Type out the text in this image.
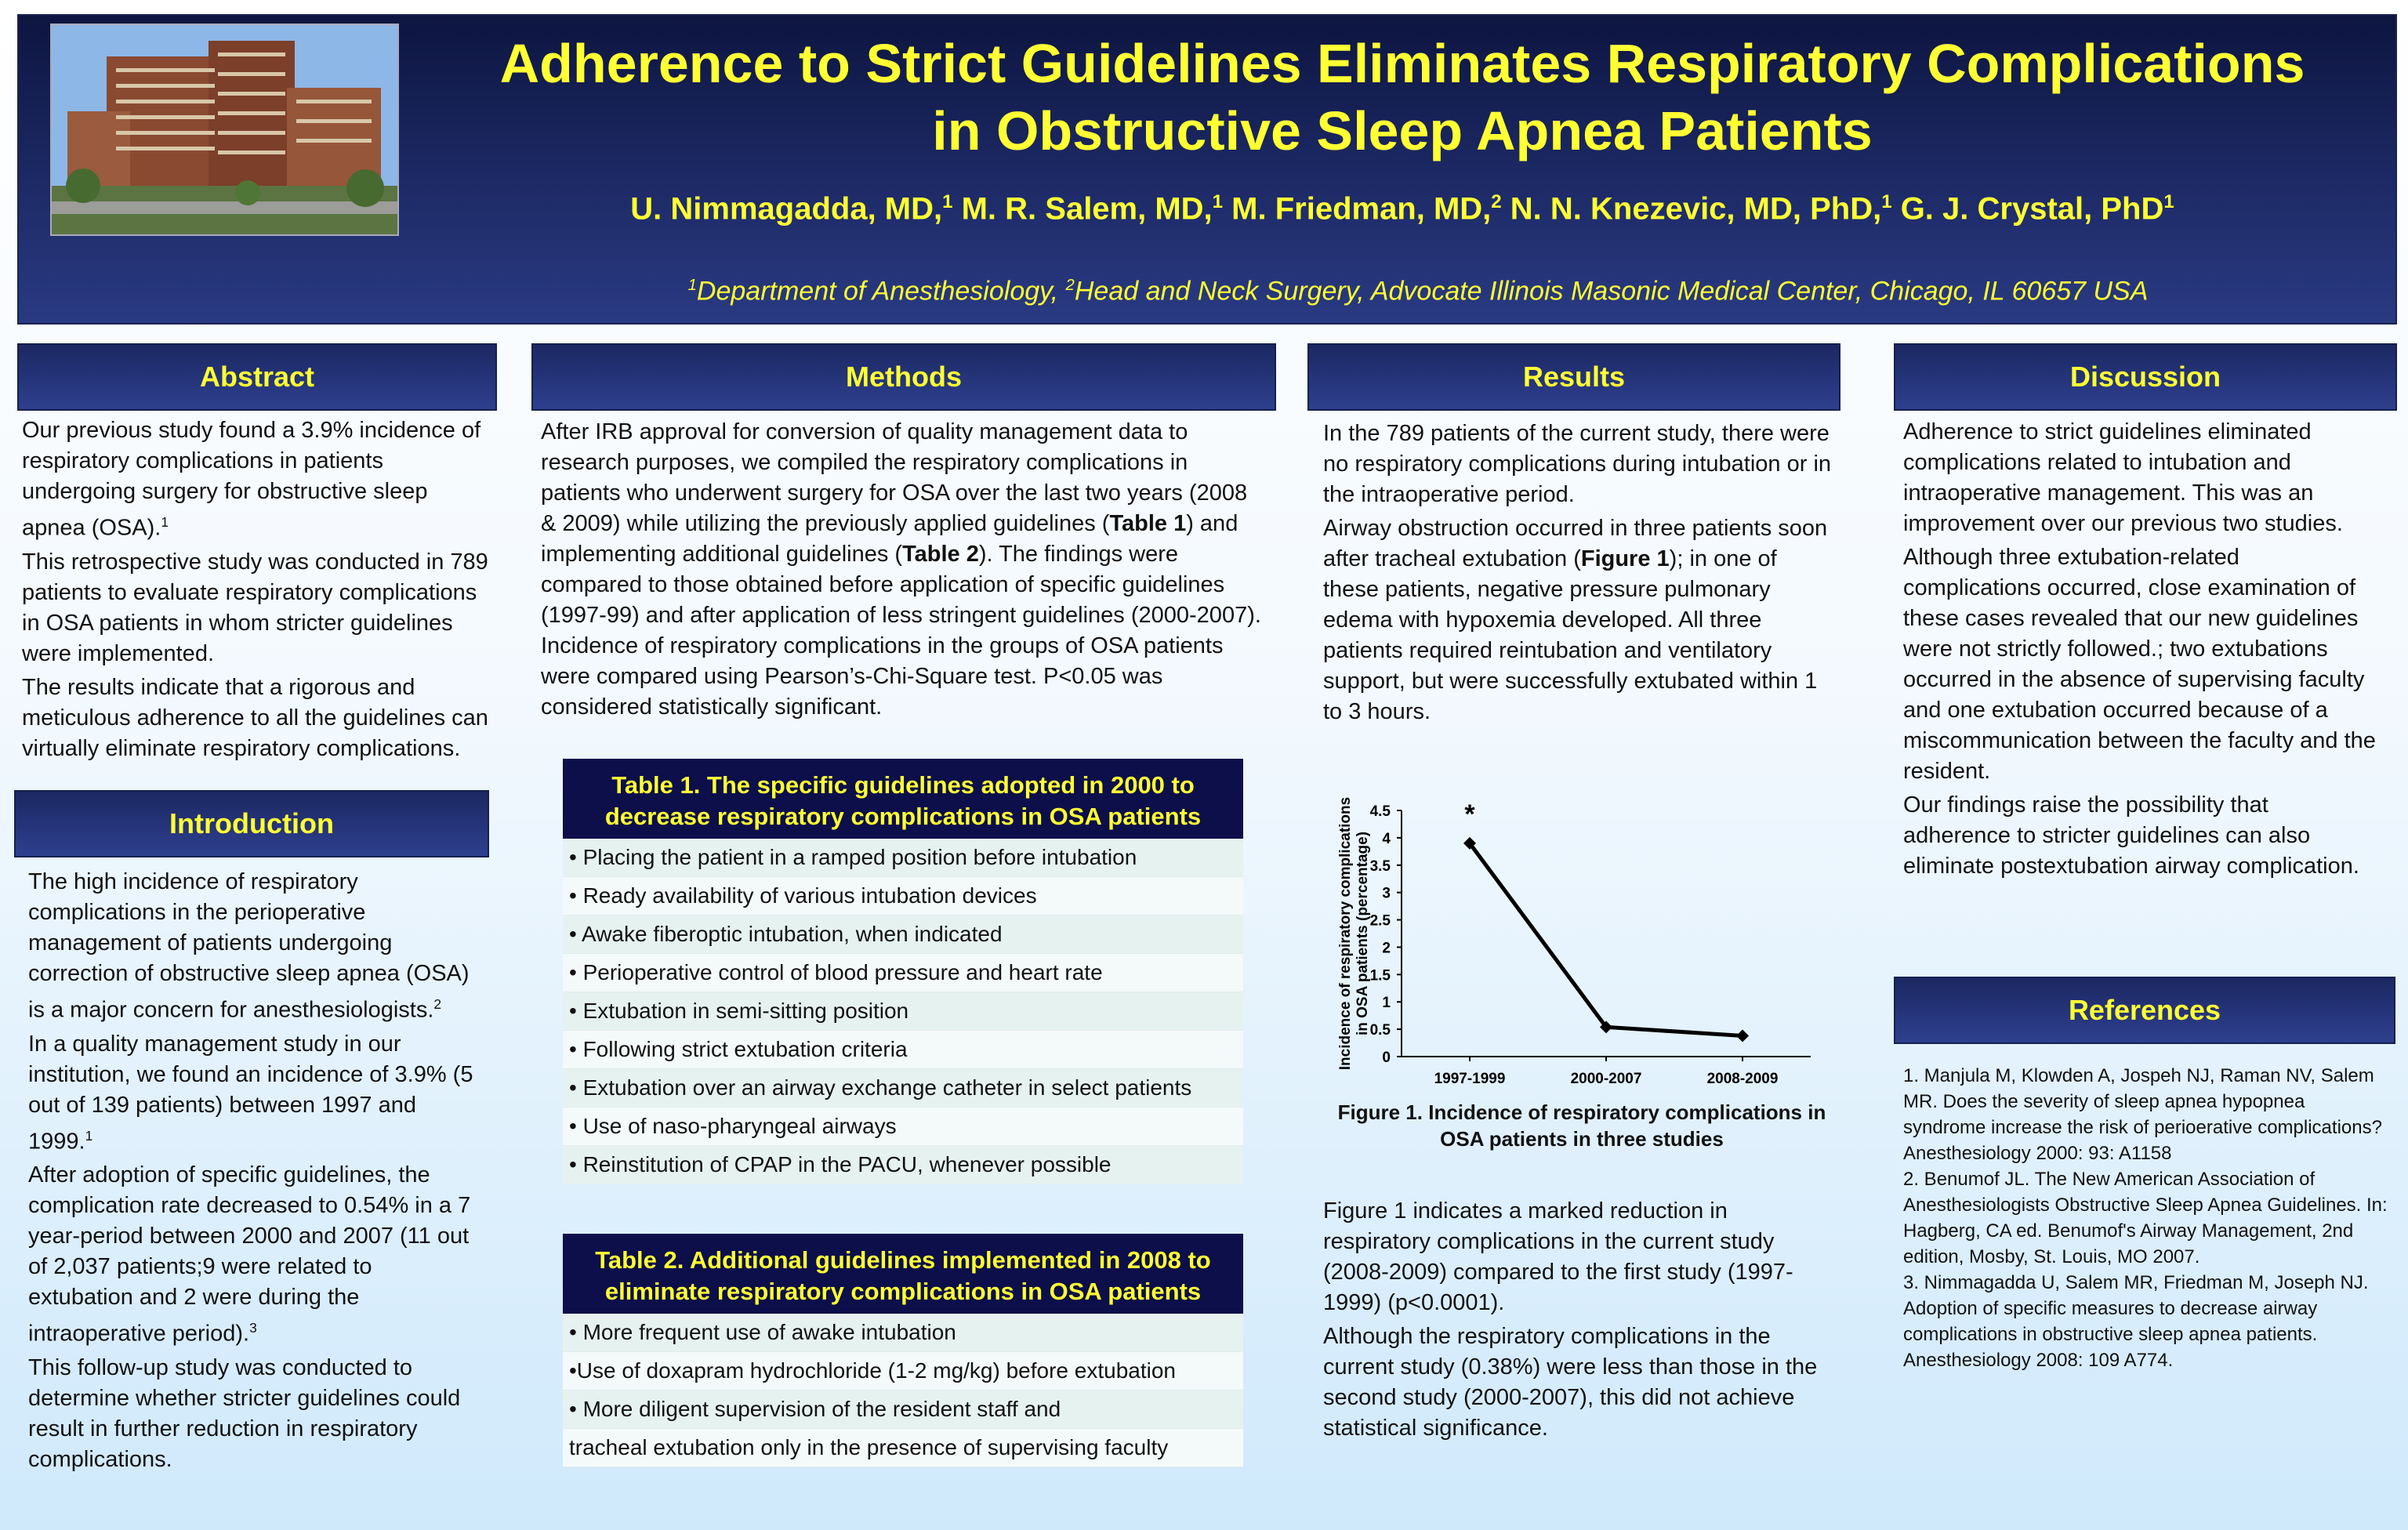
Adherence to Strict Guidelines Eliminates Respiratory Complications
in Obstructive Sleep Apnea Patients
U. Nimmagadda, MD,$^1$ M. R. Salem, MD,$^1$ M. Friedman, MD,$^2$ N. N. Knezevic, MD, PhD,$^1$ G. J. Crystal, PhD$^1$
$^1$Department of Anesthesiology, $^2$Head and Neck Surgery, Advocate Illinois Masonic Medical Center, Chicago, IL 60657 USA
Abstract

Our previous study found a 3.9% incidence of respiratory complications in patients undergoing surgery for obstructive sleep apnea (OSA).$^1$

This retrospective study was conducted in 789 patients to evaluate respiratory complications in OSA patients in whom stricter guidelines were implemented.

The results indicate that a rigorous and meticulous adherence to all the guidelines can virtually eliminate respiratory complications.

Introduction

The high incidence of respiratory complications in the perioperative management of patients undergoing correction of obstructive sleep apnea (OSA) is a major concern for anesthesiologists.$^2$

In a quality management study in our institution, we found an incidence of 3.9% (5 out of 139 patients) between 1997 and 1999.$^1$

After adoption of specific guidelines, the complication rate decreased to 0.54% in a 7 year-period between 2000 and 2007 (11 out of 2,037 patients;9 were related to extubation and 2 were during the intraoperative period).$^3$

This follow-up study was conducted to determine whether stricter guidelines could result in further reduction in respiratory complications.

Methods

After IRB approval for conversion of quality management data to research purposes, we compiled the respiratory complications in patients who underwent surgery for OSA over the last two years (2008 & 2009) while utilizing the previously applied guidelines (Table 1) and implementing additional guidelines (Table 2). The findings were compared to those obtained before application of specific guidelines (1997-99) and after application of less stringent guidelines (2000-2007). Incidence of respiratory complications in the groups of OSA patients were compared using Pearson’s-Chi-Square test. P<0.05 was considered statistically significant.

Table 1. The specific guidelines adopted in 2000 to decrease respiratory complications in OSA patients
• Placing the patient in a ramped position before intubation
• Ready availability of various intubation devices
• Awake fiberoptic intubation, when indicated
• Perioperative control of blood pressure and heart rate
• Extubation in semi-sitting position
• Following strict extubation criteria
• Extubation over an airway exchange catheter in select patients
• Use of naso-pharyngeal airways
• Reinstitution of CPAP in the PACU, whenever possible
Table 2. Additional guidelines implemented in 2008 to eliminate respiratory complications in OSA patients
• More frequent use of awake intubation
•Use of doxapram hydrochloride (1-2 mg/kg) before extubation
• More diligent supervision of the resident staff and
tracheal extubation only in the presence of supervising faculty
Results

In the 789 patients of the current study, there were no respiratory complications during intubation or in the intraoperative period.

Airway obstruction occurred in three patients soon after tracheal extubation (Figure 1); in one of these patients, negative pressure pulmonary edema with hypoxemia developed. All three patients required reintubation and ventilatory support, but were successfully extubated within 1 to 3 hours.

0
0.5
1
1.5
2
2.5
3
3.5
4
4.5
1997-1999	2000-2007	2008-2009
*
Incidence of respiratory complications in OSA patients (percentage)
Figure 1. Incidence of respiratory complications in OSA patients in three studies

Figure 1 indicates a marked reduction in respiratory complications in the current study (2008-2009) compared to the first study (1997-1999) (p<0.0001).

Although the respiratory complications in the current study (0.38%) were less than those in the second study (2000-2007), this did not achieve statistical significance.

Discussion

Adherence to strict guidelines eliminated complications related to intubation and intraoperative management. This was an improvement over our previous two studies.

Although three extubation-related complications occurred, close examination of these cases revealed that our new guidelines were not strictly followed.; two extubations occurred in the absence of supervising faculty and one extubation occurred because of a miscommunication between the faculty and the resident.

Our findings raise the possibility that adherence to stricter guidelines can also eliminate postextubation airway complication.

References

1. Manjula M, Klowden A, Jospeh NJ, Raman NV, Salem MR. Does the severity of sleep apnea hypopnea syndrome increase the risk of perioerative complications? Anesthesiology 2000: 93: A1158

2. Benumof JL. The New American Association of Anesthesiologists Obstructive Sleep Apnea Guidelines. In: Hagberg, CA ed. Benumof's Airway Management, 2nd edition, Mosby, St. Louis, MO 2007.

3. Nimmagadda U, Salem MR, Friedman M, Joseph NJ. Adoption of specific measures to decrease airway complications in obstructive sleep apnea patients. Anesthesiology 2008: 109 A774.
